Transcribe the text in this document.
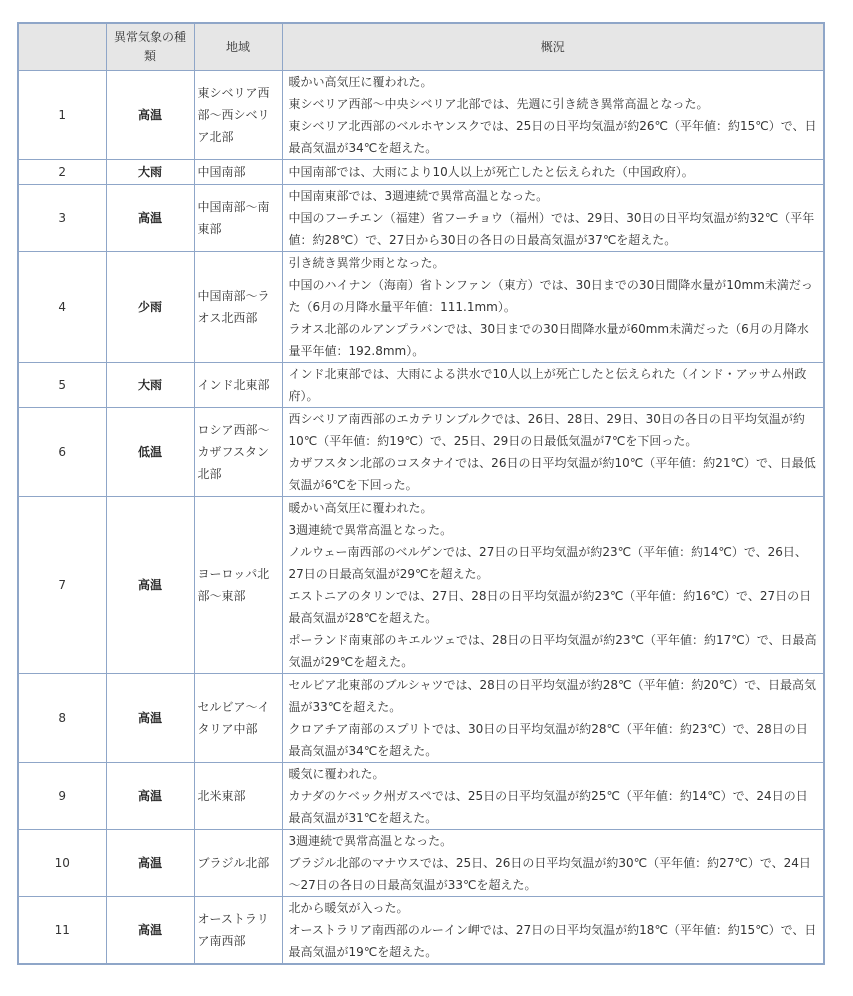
	異常気象の種類	地域	概況
1	高温	東シベリア西部～西シベリア北部	暖かい高気圧に覆われた。
東シベリア西部～中央シベリア北部では、先週に引き続き異常高温となった。
東シベリア北西部のベルホヤンスクでは、25日の日平均気温が約26℃（平年値：約15℃）で、日最高気温が34℃を超えた。

2	大雨	中国南部	中国南部では、大雨により10人以上が死亡したと伝えられた（中国政府）。

3	高温	中国南部～南東部	中国南東部では、3週連続で異常高温となった。
中国のフーチエン（福建）省フーチョウ（福州）では、29日、30日の日平均気温が約32℃（平年値：約28℃）で、27日から30日の各日の日最高気温が37℃を超えた。

4	少雨	中国南部～ラオス北西部	引き続き異常少雨となった。
中国のハイナン（海南）省トンファン（東方）では、30日までの30日間降水量が10mm未満だった（6月の月降水量平年値：111.1mm）。
ラオス北部のルアンプラバンでは、30日までの30日間降水量が60mm未満だった（6月の月降水量平年値：192.8mm）。

5	大雨	インド北東部	インド北東部では、大雨による洪水で10人以上が死亡したと伝えられた（インド・アッサム州政府）。

6	低温	ロシア西部～カザフスタン北部	西シベリア南西部のエカテリンブルクでは、26日、28日、29日、30日の各日の日平均気温が約10℃（平年値：約19℃）で、25日、29日の日最低気温が7℃を下回った。
カザフスタン北部のコスタナイでは、26日の日平均気温が約10℃（平年値：約21℃）で、日最低気温が6℃を下回った。

7	高温	ヨーロッパ北部～東部	暖かい高気圧に覆われた。
3週連続で異常高温となった。
ノルウェー南西部のベルゲンでは、27日の日平均気温が約23℃（平年値：約14℃）で、26日、27日の日最高気温が29℃を超えた。
エストニアのタリンでは、27日、28日の日平均気温が約23℃（平年値：約16℃）で、27日の日最高気温が28℃を超えた。
ポーランド南東部のキエルツェでは、28日の日平均気温が約23℃（平年値：約17℃）で、日最高気温が29℃を超えた。

8	高温	セルビア～イタリア中部	セルビア北東部のブルシャツでは、28日の日平均気温が約28℃（平年値：約20℃）で、日最高気温が33℃を超えた。
クロアチア南部のスプリトでは、30日の日平均気温が約28℃（平年値：約23℃）で、28日の日最高気温が34℃を超えた。

9	高温	北米東部	暖気に覆われた。
カナダのケベック州ガスペでは、25日の日平均気温が約25℃（平年値：約14℃）で、24日の日最高気温が31℃を超えた。

10	高温	ブラジル北部	3週連続で異常高温となった。
ブラジル北部のマナウスでは、25日、26日の日平均気温が約30℃（平年値：約27℃）で、24日～27日の各日の日最高気温が33℃を超えた。

11	高温	オーストラリア南西部	北から暖気が入った。
オーストラリア南西部のルーイン岬では、27日の日平均気温が約18℃（平年値：約15℃）で、日最高気温が19℃を超えた。
